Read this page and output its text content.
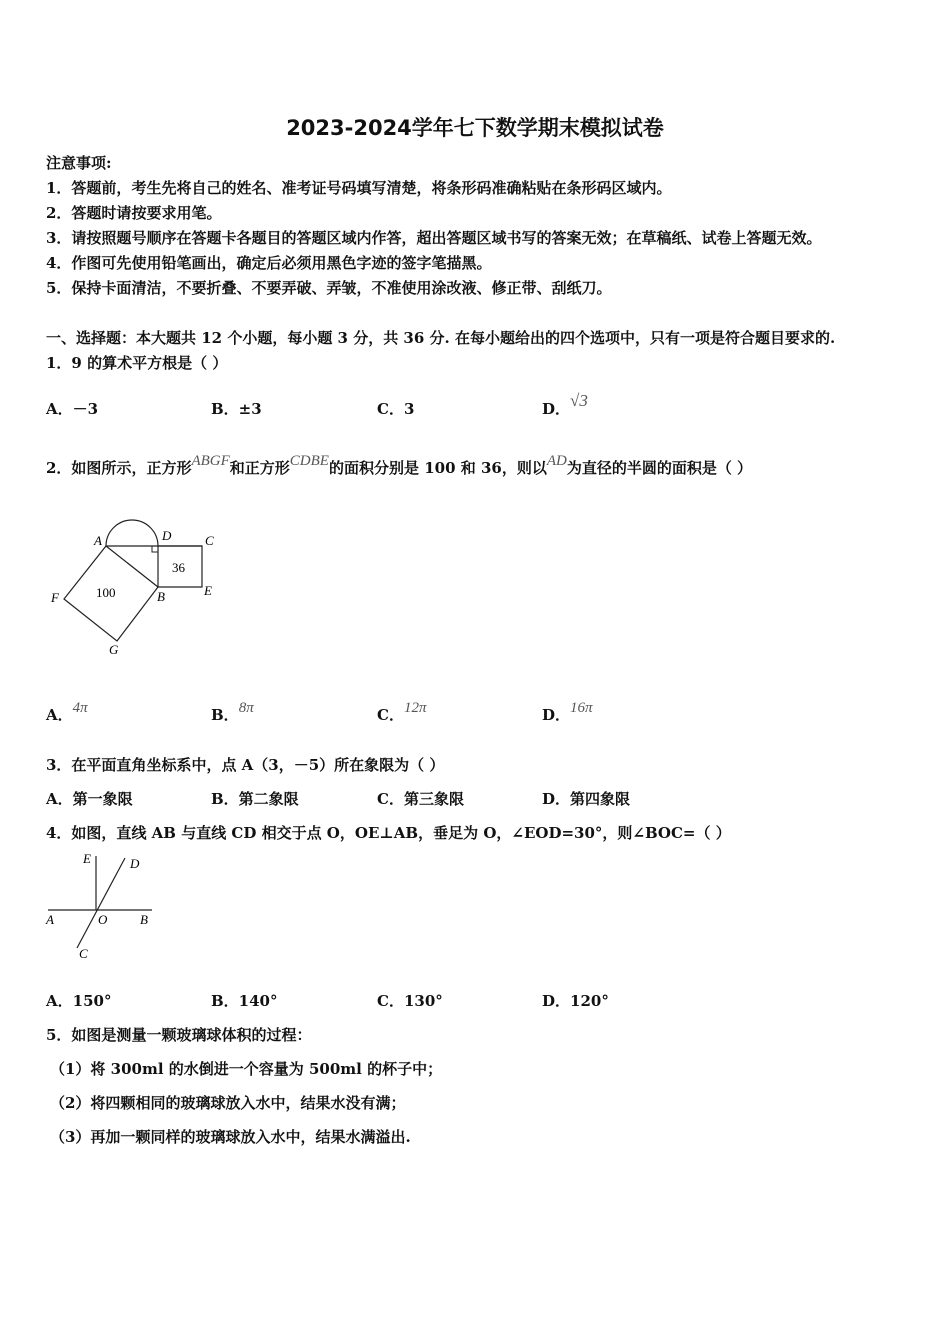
2023-2024学年七下数学期末模拟试卷
注意事项:
1．答题前，考生先将自己的姓名、准考证号码填写清楚，将条形码准确粘贴在条形码区域内。
2．答题时请按要求用笔。
3．请按照题号顺序在答题卡各题目的答题区域内作答，超出答题区域书写的答案无效；在草稿纸、试卷上答题无效。
4．作图可先使用铅笔画出，确定后必须用黑色字迹的签字笔描黑。
5．保持卡面清洁，不要折叠、不要弄破、弄皱，不准使用涂改液、修正带、刮纸刀。
一、选择题：本大题共 12 个小题，每小题 3 分，共 36 分. 在每小题给出的四个选项中，只有一项是符合题目要求的.
1．9 的算术平方根是（ ）
A．－3	B．±3	C．3	D．√3
2．如图所示，正方形ABGF和正方形CDBE的面积分别是 100 和 36，则以AD为直径的半圆的面积是（ ）
A	D	C
E
B
F
G
100
36
A．4π	B．8π	C．12π	D．16π
3．在平面直角坐标系中，点 A（3，－5）所在象限为（ ）
A．第一象限	B．第二象限	C．第三象限	D．第四象限
4．如图，直线 AB 与直线 CD 相交于点 O，OE⊥AB，垂足为 O，∠EOD=30°，则∠BOC=（ ）
E	D
A	O	B
C
A．150°	B．140°	C．130°	D．120°
5．如图是测量一颗玻璃球体积的过程：
（1）将 300ml 的水倒进一个容量为 500ml 的杯子中；
（2）将四颗相同的玻璃球放入水中，结果水没有满；
（3）再加一颗同样的玻璃球放入水中，结果水满溢出.
